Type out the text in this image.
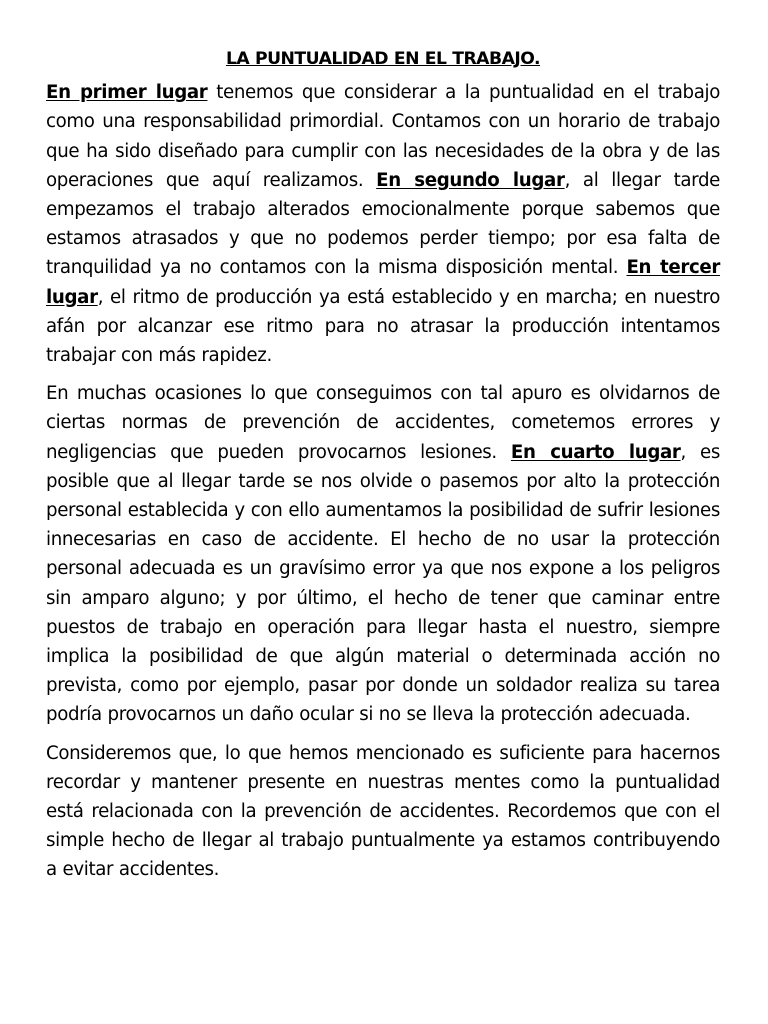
LA PUNTUALIDAD EN EL TRABAJO.

En primer lugar tenemos que considerar a la puntualidad en el trabajo como una responsabilidad primordial. Contamos con un horario de trabajo que ha sido diseñado para cumplir con las necesidades de la obra y de las operaciones que aquí realizamos. En segundo lugar, al llegar tarde empezamos el trabajo alterados emocionalmente porque sabemos que estamos atrasados y que no podemos perder tiempo; por esa falta de tranquilidad ya no contamos con la misma disposición mental. En tercer lugar, el ritmo de producción ya está establecido y en marcha; en nuestro afán por alcanzar ese ritmo para no atrasar la producción intentamos trabajar con más rapidez.

En muchas ocasiones lo que conseguimos con tal apuro es olvidarnos de ciertas normas de prevención de accidentes, cometemos errores y negligencias que pueden provocarnos lesiones. En cuarto lugar, es posible que al llegar tarde se nos olvide o pasemos por alto la protección personal establecida y con ello aumentamos la posibilidad de sufrir lesiones innecesarias en caso de accidente. El hecho de no usar la protección personal adecuada es un gravísimo error ya que nos expone a los peligros sin amparo alguno; y por último, el hecho de tener que caminar entre puestos de trabajo en operación para llegar hasta el nuestro, siempre implica la posibilidad de que algún material o determinada acción no prevista, como por ejemplo, pasar por donde un soldador realiza su tarea podría provocarnos un daño ocular si no se lleva la protección adecuada.

Consideremos que, lo que hemos mencionado es suficiente para hacernos recordar y mantener presente en nuestras mentes como la puntualidad está relacionada con la prevención de accidentes. Recordemos que con el simple hecho de llegar al trabajo puntualmente ya estamos contribuyendo a evitar accidentes.
